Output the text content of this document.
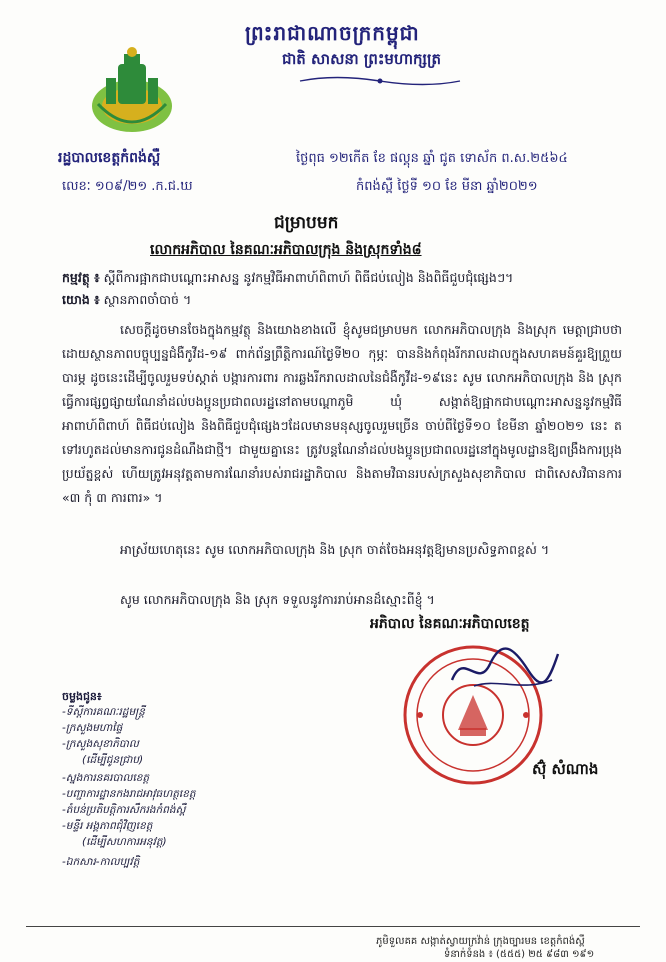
ព្រះរាជាណាចក្រកម្ពុជា
ជាតិ សាសនា ព្រះមហាក្សត្រ
រដ្ឋបាលខេត្តកំពង់ស្ពឺ
លេខៈ ១០៩/២១ .ក.ជ.ឃ
ថ្ងៃពុធ ១២កើត ខែ ផល្គុន ឆ្នាំ ជូត ទោស័ក ព.ស.២៥៦៤
កំពង់ស្ពឺ ថ្ងៃទី ១០ ខែ មីនា ឆ្នាំ២០២១
ជម្រាបមក
លោកអភិបាល នៃគណៈអភិបាលក្រុង និងស្រុកទាំង៨
កម្មវត្ថុ ៖ ស្តីពីការផ្អាកជាបណ្ដោះអាសន្ន នូវកម្មវិធីអាពាហ៍ពិពាហ៍ ពិធីជប់លៀង និងពិធីជួបជុំផ្សេងៗ។
យោង ៖ ស្ថានភាពចាំបាច់ ។
សេចក្ដីដូចមានចែងក្នុងកម្មវត្ថុ និងយោងខាងលើ ខ្ញុំសូមជម្រាបមក លោកអភិបាលក្រុង និងស្រុក មេត្តាជ្រាបថា ដោយស្ថានភាពបច្ចុប្បន្នជំងឺកូវីដ-១៩ ពាក់ព័ន្ធព្រឹត្តិការណ៍ថ្ងៃទី២០ កុម្ភៈ បាននិងកំពុងរីករាលដាលក្នុងសហគមន៍គួរឱ្យព្រួយបារម្ភ ដូចនេះដើម្បីចូលរួមទប់ស្កាត់ បង្ការការពារ ការឆ្លងរីករាលដាលនៃជំងឺកូវីដ-១៩នេះ សូម លោកអភិបាលក្រុង និង ស្រុក ធ្វើការផ្សព្វផ្សាយណែនាំដល់បងប្អូនប្រជាពលរដ្ឋនៅតាមបណ្ដាភូមិ ឃុំ សង្កាត់ឱ្យផ្អាកជាបណ្ដោះអាសន្ននូវកម្មវិធីអាពាហ៍ពិពាហ៍ ពិធីជប់លៀង និងពិធីជួបជុំផ្សេងៗដែលមានមនុស្សចូលរួមច្រើន ចាប់ពីថ្ងៃទី១០ ខែមីនា ឆ្នាំ២០២១ នេះ តទៅរហូតដល់មានការជូនដំណឹងជាថ្មី។ ជាមួយគ្នានេះ ត្រូវបន្តណែនាំដល់បងប្អូនប្រជាពលរដ្ឋនៅក្នុងមូលដ្ឋានឱ្យពង្រឹងការប្រុងប្រយ័ត្នខ្ពស់ ហើយត្រូវអនុវត្តតាមការណែនាំរបស់រាជរដ្ឋាភិបាល និងតាមវិធានរបស់ក្រសួងសុខាភិបាល ជាពិសេសវិធានការ «៣ កុំ ៣ ការពារ» ។
អាស្រ័យហេតុនេះ សូម លោកអភិបាលក្រុង និង ស្រុក ចាត់ចែងអនុវត្តឱ្យមានប្រសិទ្ធភាពខ្ពស់ ។
សូម លោកអភិបាលក្រុង និង ស្រុក ទទួលនូវការរាប់អានដ៏ស្មោះពីខ្ញុំ ។
អភិបាល នៃគណៈអភិបាលខេត្ត
ស៊ុំ សំណាង
ចម្លងជូន៖
-ទីស្ដីការគណៈរដ្ឋមន្ត្រី
-ក្រសួងមហាផ្ទៃ
-ក្រសួងសុខាភិបាល
(ដើម្បីជូនជ្រាប)
-ស្នងការនគរបាលខេត្ត
-បញ្ជាការដ្ឋានកងរាជអាវុធហត្ថខេត្ត
-តំបន់ប្រតិបត្តិការសឹករងកំពង់ស្ពឺ
-មន្ទីរ អង្គភាពជុំវិញខេត្ត
(ដើម្បីសហការអនុវត្ត)
-ឯកសារ-កាលប្បវត្តិ
ភូមិទួលគគ សង្កាត់ស្វាយក្រវ៉ាន់ ក្រុងច្បារមន ខេត្តកំពង់ស្ពឺ
ទំនាក់ទំនង ៖ (៥៥៥) ២៥ ៩៨៣ ១៩១
